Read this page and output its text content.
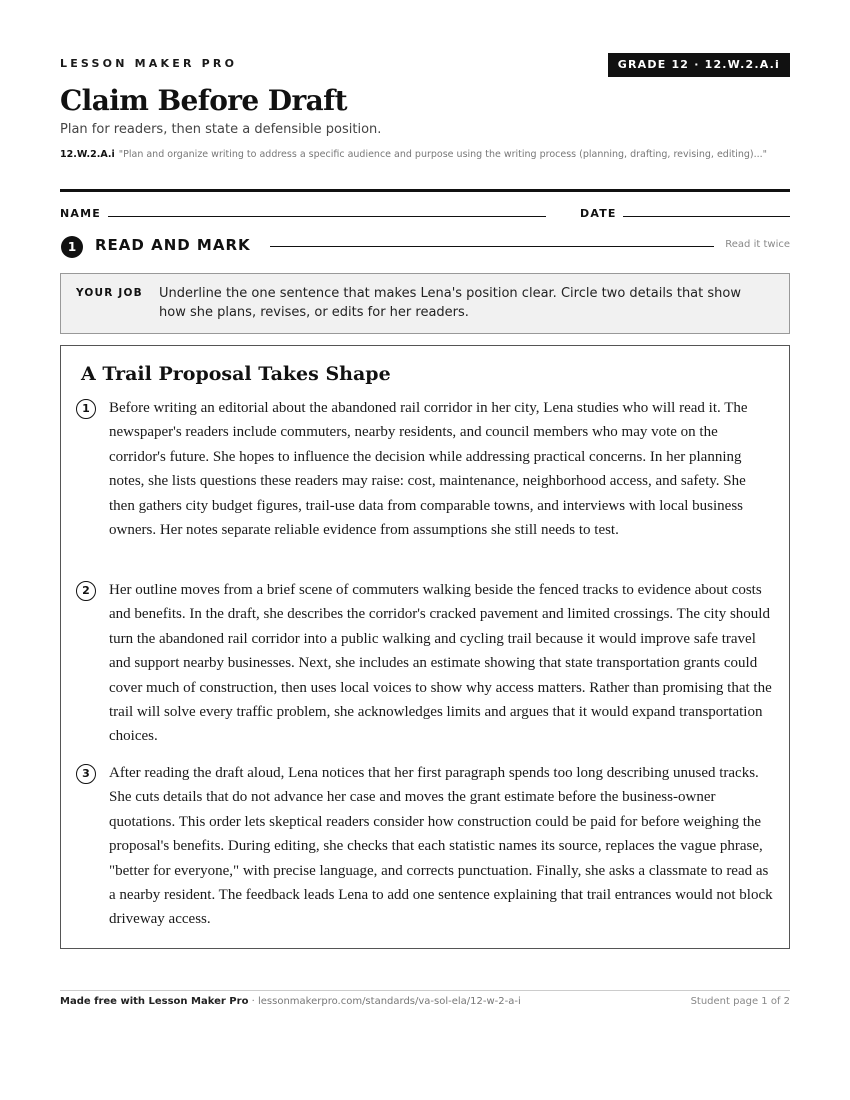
LESSON MAKER PRO	GRADE 12 · 12.W.2.A.i
Claim Before Draft
Plan for readers, then state a defensible position.
12.W.2.A.i "Plan and organize writing to address a specific audience and purpose using the writing process (planning, drafting, revising, editing)..."
NAME	DATE
1	READ AND MARK	Read it twice
YOUR JOB Underline the one sentence that makes Lena's position clear. Circle two details that show how she plans, revises, or edits for her readers.
A Trail Proposal Takes Shape
1	Before writing an editorial about the abandoned rail corridor in her city, Lena studies who will read it. The newspaper's readers include commuters, nearby residents, and council members who may vote on the corridor's future. She hopes to influence the decision while addressing practical concerns. In her planning notes, she lists questions these readers may raise: cost, maintenance, neighborhood access, and safety. She then gathers city budget figures, trail-use data from comparable towns, and interviews with local business owners. Her notes separate reliable evidence from assumptions she still needs to test.
2	Her outline moves from a brief scene of commuters walking beside the fenced tracks to evidence about costs and benefits. In the draft, she describes the corridor's cracked pavement and limited crossings. The city should turn the abandoned rail corridor into a public walking and cycling trail because it would improve safe travel and support nearby businesses. Next, she includes an estimate showing that state transportation grants could cover much of construction, then uses local voices to show why access matters. Rather than promising that the trail will solve every traffic problem, she acknowledges limits and argues that it would expand transportation choices.
3	After reading the draft aloud, Lena notices that her first paragraph spends too long describing unused tracks. She cuts details that do not advance her case and moves the grant estimate before the business-owner quotations. This order lets skeptical readers consider how construction could be paid for before weighing the proposal's benefits. During editing, she checks that each statistic names its source, replaces the vague phrase, "better for everyone," with precise language, and corrects punctuation. Finally, she asks a classmate to read as a nearby resident. The feedback leads Lena to add one sentence explaining that trail entrances would not block driveway access.
Made free with Lesson Maker Pro · lessonmakerpro.com/standards/va-sol-ela/12-w-2-a-i	Student page 1 of 2
